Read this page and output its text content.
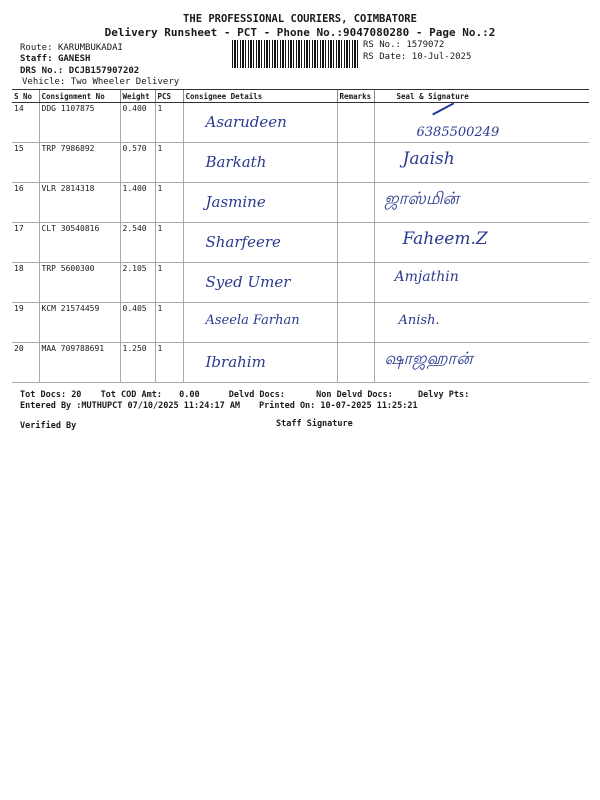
THE PROFESSIONAL COURIERS, COIMBATORE
Delivery Runsheet - PCT - Phone No.:9047080280 - Page No.:2
Route: KARUMBUKADAI
Staff: GANESH
DRS No.: DCJB157907202
Vehicle: Two Wheeler Delivery
RS No.: 1579072
RS Date: 10-Jul-2025
S No	Consignment No	Weight	PCS	Consignee Details	Remarks	Seal & Signature
14	DDG 1107875	0.400	1	Asarudeen		6385500249

15	TRP 7986892	0.570	1	Barkath		Jaaish

16	VLR 2814318	1.400	1	Jasmine		ஜாஸ்மின்

17	CLT 30540816	2.540	1	Sharfeere		Faheem.Z

18	TRP 5600300	2.105	1	Syed Umer		Amjathin

19	KCM 21574459	0.405	1	Aseela Farhan		Anish.

20	MAA 709788691	1.250	1	Ibrahim		ஷாஜஹான்
Tot Docs: 20 Tot COD Amt: 0.00	Delvd Docs:	Non Delvd Docs:	Delvy Pts:
Entered By :MUTHUPCT 07/10/2025 11:24:17 AM Printed On: 10-07-2025 11:25:21
Verified By	Staff Signature
